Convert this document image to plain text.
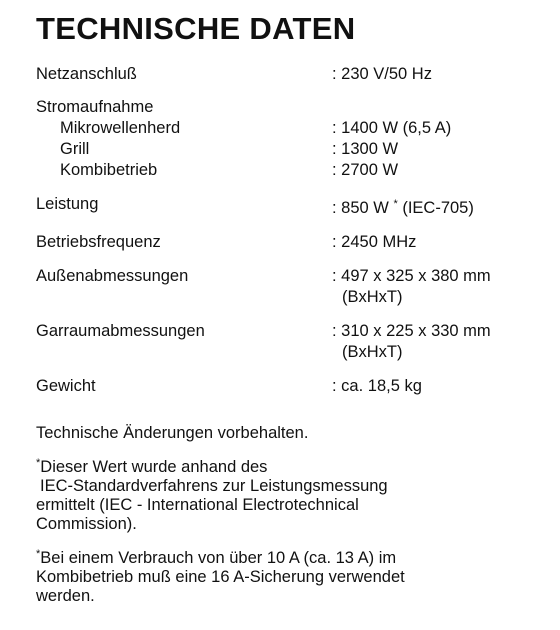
TECHNISCHE DATEN
Netzanschluß	: 230 V/50 Hz
Stromaufnahme
Mikrowellenherd	: 1400 W (6,5 A)
Grill	: 1300 W
Kombibetrieb	: 2700 W
Leistung	: 850 W * (IEC-705)
Betriebsfrequenz	: 2450 MHz
Außenabmessungen	: 497 x 325 x 380 mm
(BxHxT)
Garraumabmessungen	: 310 x 225 x 330 mm
(BxHxT)
Gewicht	: ca. 18,5 kg

Technische Änderungen vorbehalten.

*Dieser Wert wurde anhand des
IEC-Standardverfahrens zur Leistungsmessung
ermittelt (IEC - International Electrotechnical
Commission).

*Bei einem Verbrauch von über 10 A (ca. 13 A) im
Kombibetrieb muß eine 16 A-Sicherung verwendet
werden.
